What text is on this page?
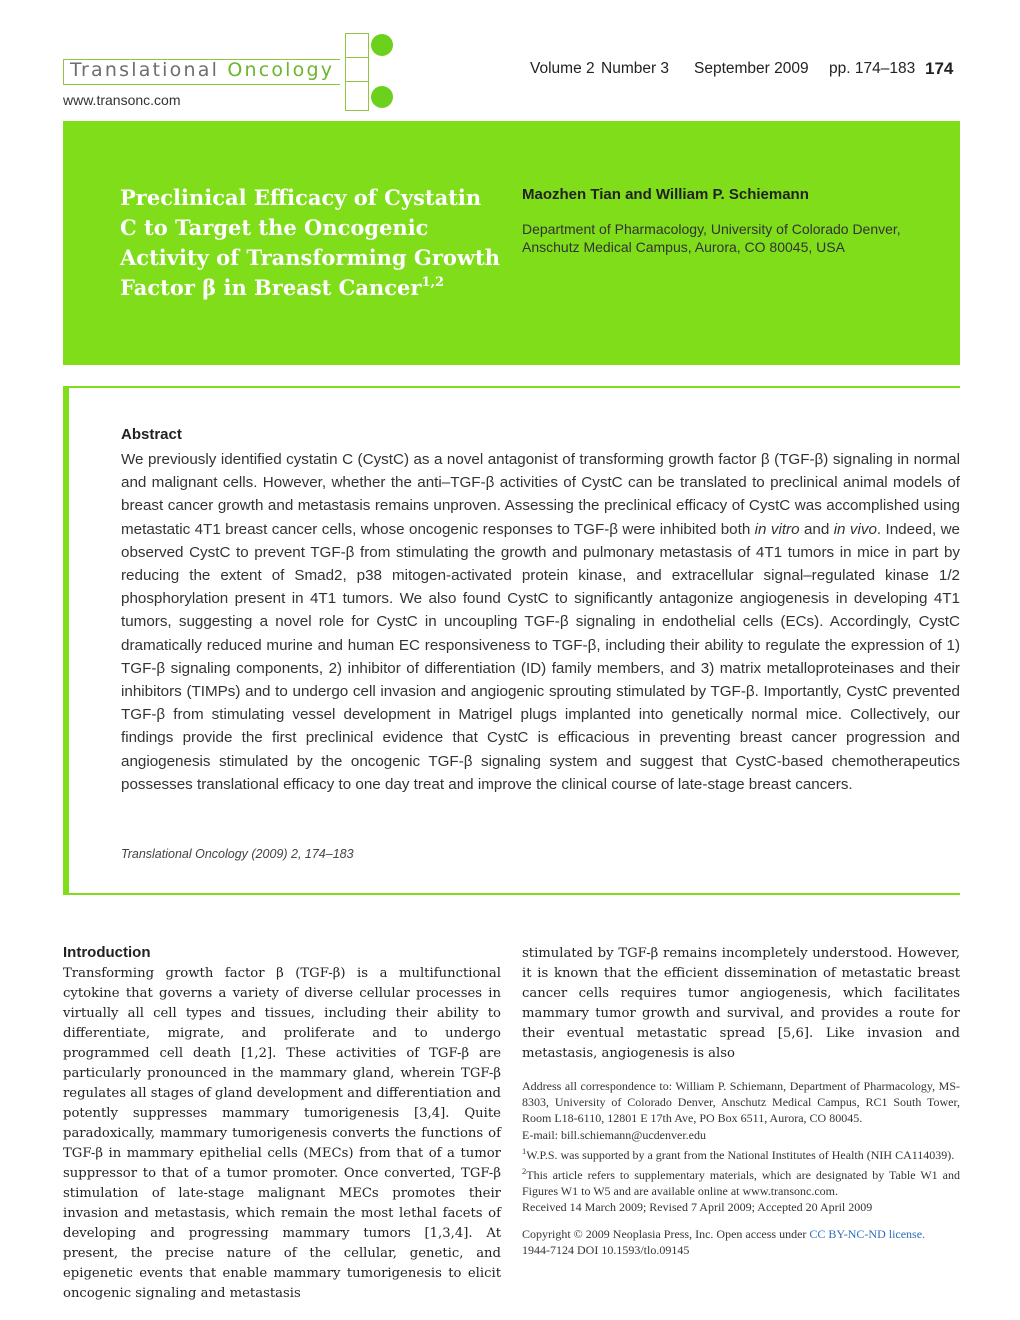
Translational Oncology
www.transonc.com
Volume 2 Number 3 September 2009 pp. 174–183 174
Preclinical Efficacy of Cystatin C to Target the Oncogenic Activity of Transforming Growth Factor β in Breast Cancer$^{1,2}$
Maozhen Tian and William P. Schiemann
Department of Pharmacology, University of Colorado Denver, Anschutz Medical Campus, Aurora, CO 80045, USA
Abstract
We previously identified cystatin C (CystC) as a novel antagonist of transforming growth factor β (TGF-β) signaling in normal and malignant cells. However, whether the anti–TGF-β activities of CystC can be translated to preclinical animal models of breast cancer growth and metastasis remains unproven. Assessing the preclinical efficacy of CystC was accomplished using metastatic 4T1 breast cancer cells, whose oncogenic responses to TGF-β were inhibited both in vitro and in vivo. Indeed, we observed CystC to prevent TGF-β from stimulating the growth and pulmonary metastasis of 4T1 tumors in mice in part by reducing the extent of Smad2, p38 mitogen-activated protein kinase, and extracellular signal–regulated kinase 1/2 phosphorylation present in 4T1 tumors. We also found CystC to significantly antagonize angiogenesis in developing 4T1 tumors, suggesting a novel role for CystC in uncoupling TGF-β signaling in endothelial cells (ECs). Accordingly, CystC dramatically reduced murine and human EC responsiveness to TGF-β, including their ability to regulate the expression of 1) TGF-β signaling components, 2) inhibitor of differentiation (ID) family members, and 3) matrix metalloproteinases and their inhibitors (TIMPs) and to undergo cell invasion and angiogenic sprouting stimulated by TGF-β. Importantly, CystC prevented TGF-β from stimulating vessel development in Matrigel plugs implanted into genetically normal mice. Collectively, our findings provide the first preclinical evidence that CystC is efficacious in preventing breast cancer progression and angiogenesis stimulated by the oncogenic TGF-β signaling system and suggest that CystC-based chemotherapeutics possesses translational efficacy to one day treat and improve the clinical course of late-stage breast cancers.
Translational Oncology (2009) 2, 174–183
Introduction
Transforming growth factor β (TGF-β) is a multifunctional cytokine that governs a variety of diverse cellular processes in virtually all cell types and tissues, including their ability to differentiate, migrate, and proliferate and to undergo programmed cell death [1,2]. These activities of TGF-β are particularly pronounced in the mammary gland, wherein TGF-β regulates all stages of gland development and differentiation and potently suppresses mammary tumorigenesis [3,4]. Quite paradoxically, mammary tumorigenesis converts the functions of TGF-β in mammary epithelial cells (MECs) from that of a tumor suppressor to that of a tumor promoter. Once converted, TGF-β stimulation of late-stage malignant MECs promotes their invasion and metastasis, which remain the most lethal facets of developing and progressing mammary tumors [1,3,4]. At present, the precise nature of the cellular, genetic, and epigenetic events that enable mammary tumorigenesis to elicit oncogenic signaling and metastasis
stimulated by TGF-β remains incompletely understood. However, it is known that the efficient dissemination of metastatic breast cancer cells requires tumor angiogenesis, which facilitates mammary tumor growth and survival, and provides a route for their eventual metastatic spread [5,6]. Like invasion and metastasis, angiogenesis is also

Address all correspondence to: William P. Schiemann, Department of Pharmacology, MS-8303, University of Colorado Denver, Anschutz Medical Campus, RC1 South Tower, Room L18-6110, 12801 E 17th Ave, PO Box 6511, Aurora, CO 80045.

E-mail: bill.schiemann@ucdenver.edu

$^1$W.P.S. was supported by a grant from the National Institutes of Health (NIH CA114039).

$^2$This article refers to supplementary materials, which are designated by Table W1 and Figures W1 to W5 and are available online at www.transonc.com.

Received 14 March 2009; Revised 7 April 2009; Accepted 20 April 2009

Copyright © 2009 Neoplasia Press, Inc. Open access under CC BY-NC-ND license.

1944-7124 DOI 10.1593/tlo.09145
